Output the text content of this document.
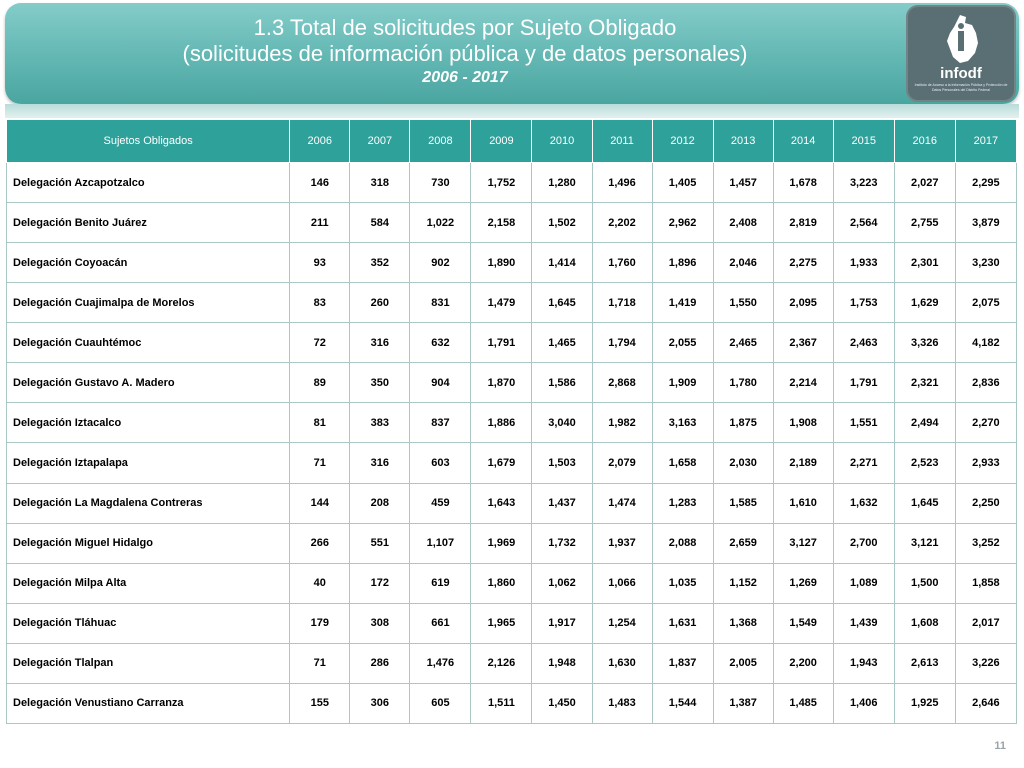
1.3 Total de solicitudes por Sujeto Obligado
(solicitudes de información pública y de datos personales)
2006 - 2017	infodf
Instituto de Acceso a la Información Pública y Protección de Datos Personales del Distrito Federal
Sujetos Obligados	2006	2007	2008	2009	2010	2011	2012	2013	2014	2015	2016	2017
Delegación Azcapotzalco	146	318	730	1,752	1,280	1,496	1,405	1,457	1,678	3,223	2,027	2,295
Delegación Benito Juárez	211	584	1,022	2,158	1,502	2,202	2,962	2,408	2,819	2,564	2,755	3,879
Delegación Coyoacán	93	352	902	1,890	1,414	1,760	1,896	2,046	2,275	1,933	2,301	3,230
Delegación Cuajimalpa de Morelos	83	260	831	1,479	1,645	1,718	1,419	1,550	2,095	1,753	1,629	2,075
Delegación Cuauhtémoc	72	316	632	1,791	1,465	1,794	2,055	2,465	2,367	2,463	3,326	4,182
Delegación Gustavo A. Madero	89	350	904	1,870	1,586	2,868	1,909	1,780	2,214	1,791	2,321	2,836
Delegación Iztacalco	81	383	837	1,886	3,040	1,982	3,163	1,875	1,908	1,551	2,494	2,270
Delegación Iztapalapa	71	316	603	1,679	1,503	2,079	1,658	2,030	2,189	2,271	2,523	2,933
Delegación La Magdalena Contreras	144	208	459	1,643	1,437	1,474	1,283	1,585	1,610	1,632	1,645	2,250
Delegación Miguel Hidalgo	266	551	1,107	1,969	1,732	1,937	2,088	2,659	3,127	2,700	3,121	3,252
Delegación Milpa Alta	40	172	619	1,860	1,062	1,066	1,035	1,152	1,269	1,089	1,500	1,858
Delegación Tláhuac	179	308	661	1,965	1,917	1,254	1,631	1,368	1,549	1,439	1,608	2,017
Delegación Tlalpan	71	286	1,476	2,126	1,948	1,630	1,837	2,005	2,200	1,943	2,613	3,226
Delegación Venustiano Carranza	155	306	605	1,511	1,450	1,483	1,544	1,387	1,485	1,406	1,925	2,646
11
